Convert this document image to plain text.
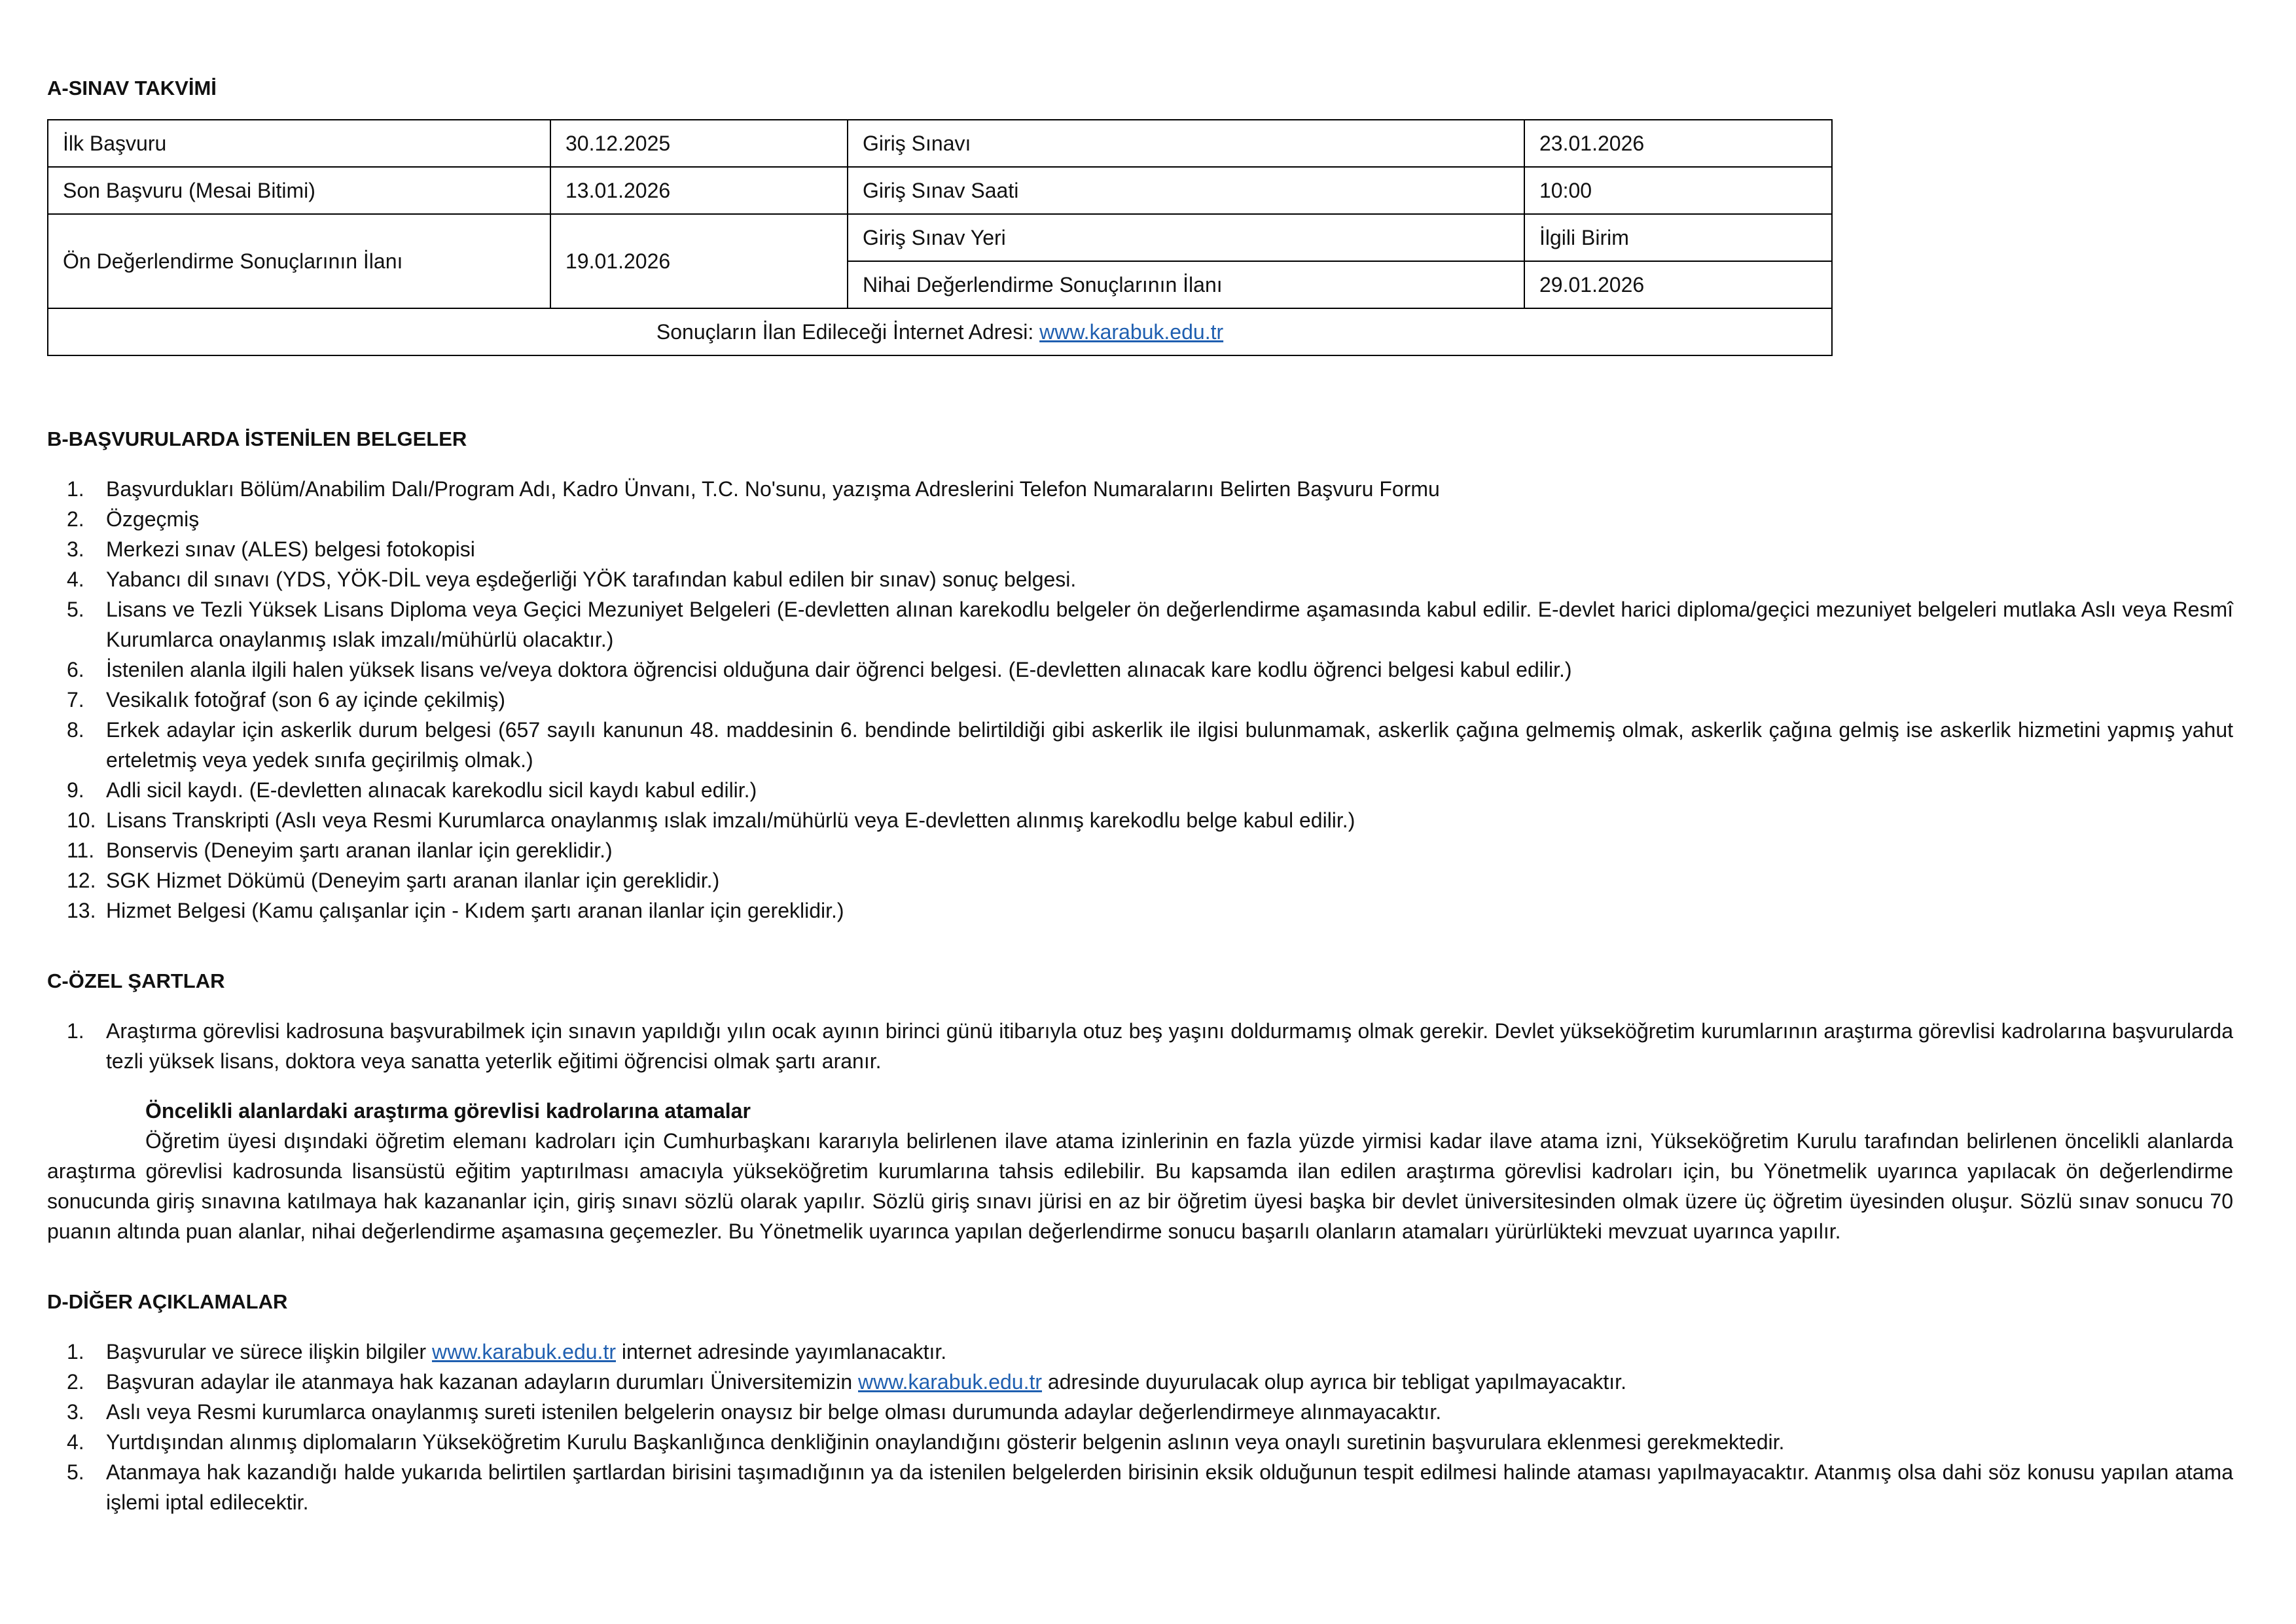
A-SINAV TAKVİMİ
İlk Başvuru	30.12.2025	Giriş Sınavı	23.01.2026
Son Başvuru (Mesai Bitimi)	13.01.2026	Giriş Sınav Saati	10:00
Ön Değerlendirme Sonuçlarının İlanı	19.01.2026	Giriş Sınav Yeri	İlgili Birim
		Nihai Değerlendirme Sonuçlarının İlanı	29.01.2026
Sonuçların İlan Edileceği İnternet Adresi: www.karabuk.edu.tr			
B-BAŞVURULARDA İSTENİLEN BELGELER
1. Başvurdukları Bölüm/Anabilim Dalı/Program Adı, Kadro Ünvanı, T.C. No'sunu, yazışma Adreslerini Telefon Numaralarını Belirten Başvuru Formu
2. Özgeçmiş
3. Merkezi sınav (ALES) belgesi fotokopisi
4. Yabancı dil sınavı (YDS, YÖK-DİL veya eşdeğerliği YÖK tarafından kabul edilen bir sınav) sonuç belgesi.
5. Lisans ve Tezli Yüksek Lisans Diploma veya Geçici Mezuniyet Belgeleri (E-devletten alınan karekodlu belgeler ön değerlendirme aşamasında kabul edilir. E-devlet harici diploma/geçici mezuniyet belgeleri mutlaka Aslı veya Resmî Kurumlarca onaylanmış ıslak imzalı/mühürlü olacaktır.)
6. İstenilen alanla ilgili halen yüksek lisans ve/veya doktora öğrencisi olduğuna dair öğrenci belgesi. (E-devletten alınacak kare kodlu öğrenci belgesi kabul edilir.)
7. Vesikalık fotoğraf (son 6 ay içinde çekilmiş)
8. Erkek adaylar için askerlik durum belgesi (657 sayılı kanunun 48. maddesinin 6. bendinde belirtildiği gibi askerlik ile ilgisi bulunmamak, askerlik çağına gelmemiş olmak, askerlik çağına gelmiş ise askerlik hizmetini yapmış yahut erteletmiş veya yedek sınıfa geçirilmiş olmak.)
9. Adli sicil kaydı. (E-devletten alınacak karekodlu sicil kaydı kabul edilir.)
10. Lisans Transkripti (Aslı veya Resmi Kurumlarca onaylanmış ıslak imzalı/mühürlü veya E-devletten alınmış karekodlu belge kabul edilir.)
11. Bonservis (Deneyim şartı aranan ilanlar için gereklidir.)
12. SGK Hizmet Dökümü (Deneyim şartı aranan ilanlar için gereklidir.)
13. Hizmet Belgesi (Kamu çalışanlar için - Kıdem şartı aranan ilanlar için gereklidir.)
C-ÖZEL ŞARTLAR
1. Araştırma görevlisi kadrosuna başvurabilmek için sınavın yapıldığı yılın ocak ayının birinci günü itibarıyla otuz beş yaşını doldurmamış olmak gerekir. Devlet yükseköğretim kurumlarının araştırma görevlisi kadrolarına başvurularda tezli yüksek lisans, doktora veya sanatta yeterlik eğitimi öğrencisi olmak şartı aranır.
Öncelikli alanlardaki araştırma görevlisi kadrolarına atamalar
Öğretim üyesi dışındaki öğretim elemanı kadroları için Cumhurbaşkanı kararıyla belirlenen ilave atama izinlerinin en fazla yüzde yirmisi kadar ilave atama izni, Yükseköğretim Kurulu tarafından belirlenen öncelikli alanlarda araştırma görevlisi kadrosunda lisansüstü eğitim yaptırılması amacıyla yükseköğretim kurumlarına tahsis edilebilir. Bu kapsamda ilan edilen araştırma görevlisi kadroları için, bu Yönetmelik uyarınca yapılacak ön değerlendirme sonucunda giriş sınavına katılmaya hak kazananlar için, giriş sınavı sözlü olarak yapılır. Sözlü giriş sınavı jürisi en az bir öğretim üyesi başka bir devlet üniversitesinden olmak üzere üç öğretim üyesinden oluşur. Sözlü sınav sonucu 70 puanın altında puan alanlar, nihai değerlendirme aşamasına geçemezler. Bu Yönetmelik uyarınca yapılan değerlendirme sonucu başarılı olanların atamaları yürürlükteki mevzuat uyarınca yapılır.
D-DİĞER AÇIKLAMALAR
1. Başvurular ve sürece ilişkin bilgiler www.karabuk.edu.tr internet adresinde yayımlanacaktır.
2. Başvuran adaylar ile atanmaya hak kazanan adayların durumları Üniversitemizin www.karabuk.edu.tr adresinde duyurulacak olup ayrıca bir tebligat yapılmayacaktır.
3. Aslı veya Resmi kurumlarca onaylanmış sureti istenilen belgelerin onaysız bir belge olması durumunda adaylar değerlendirmeye alınmayacaktır.
4. Yurtdışından alınmış diplomaların Yükseköğretim Kurulu Başkanlığınca denkliğinin onaylandığını gösterir belgenin aslının veya onaylı suretinin başvurulara eklenmesi gerekmektedir.
5. Atanmaya hak kazandığı halde yukarıda belirtilen şartlardan birisini taşımadığının ya da istenilen belgelerden birisinin eksik olduğunun tespit edilmesi halinde ataması yapılmayacaktır. Atanmış olsa dahi söz konusu yapılan atama işlemi iptal edilecektir.
